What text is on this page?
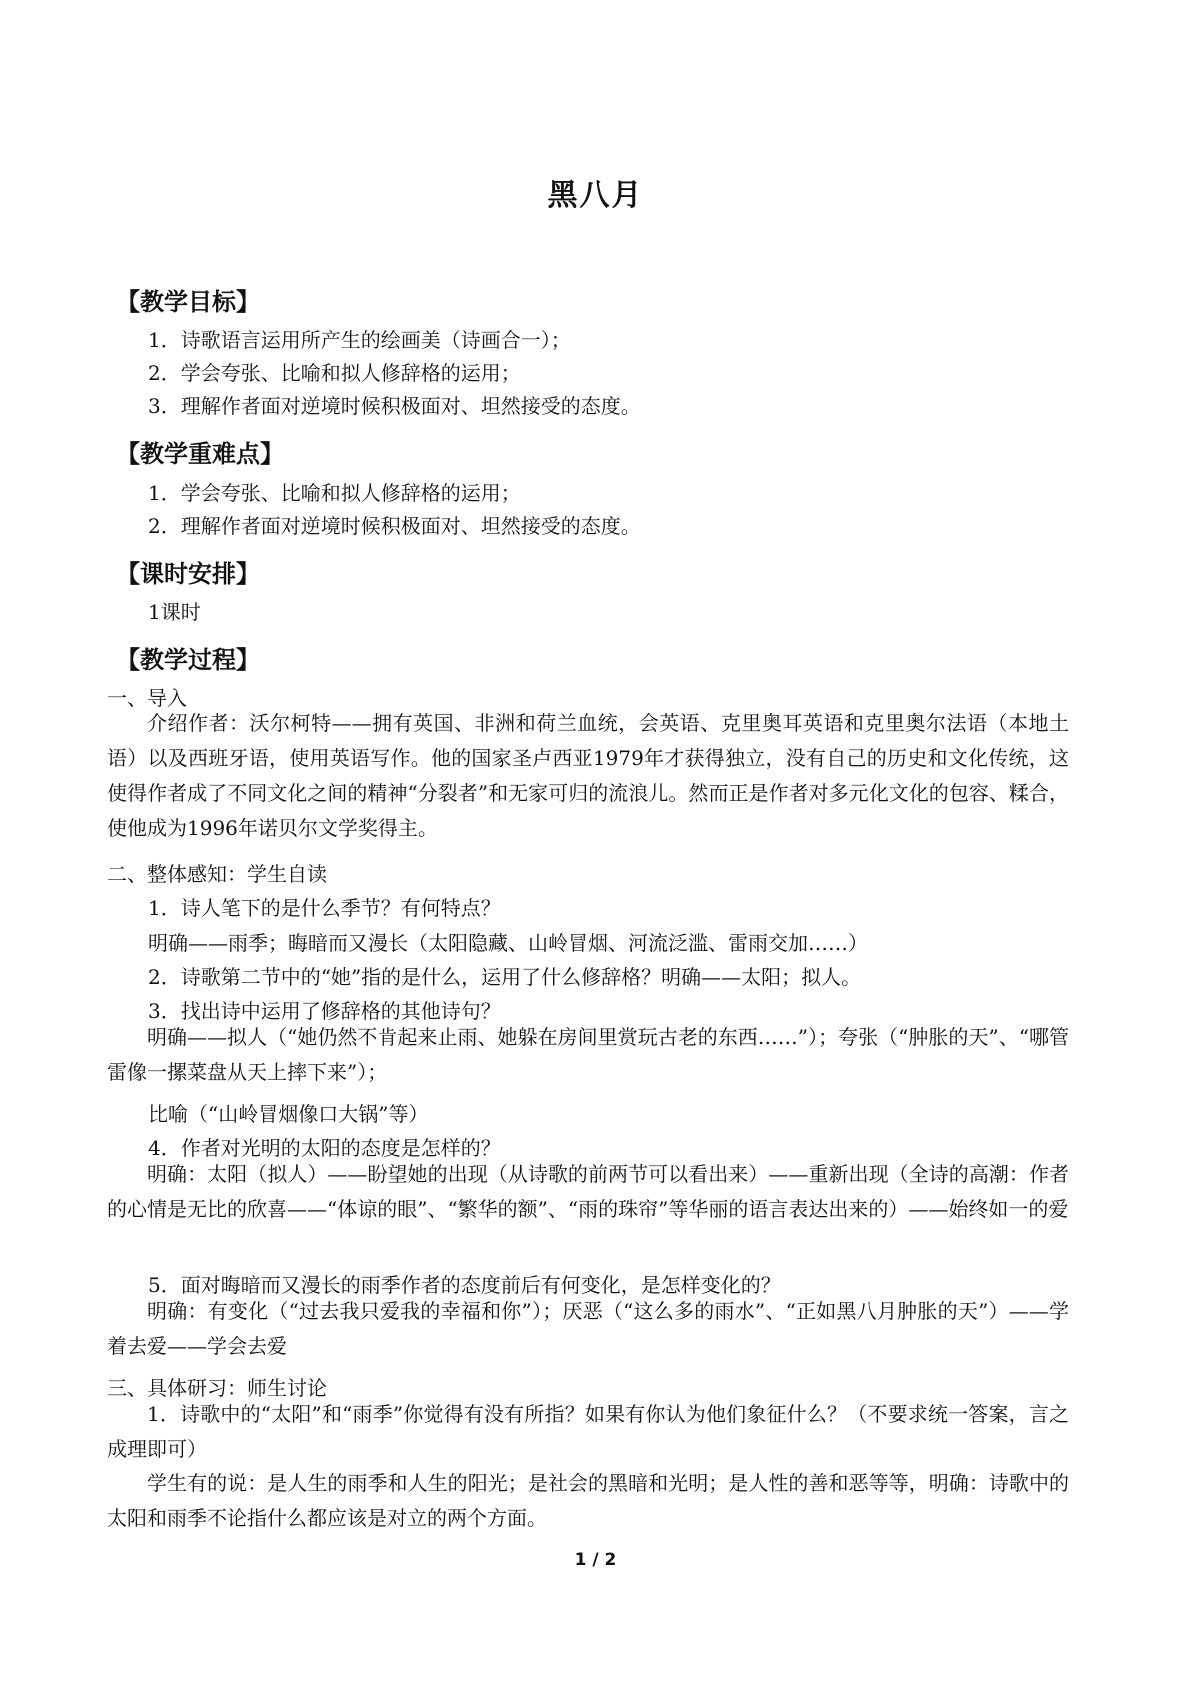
黑八月
【教学目标】
1．诗歌语言运用所产生的绘画美（诗画合一）；
2．学会夸张、比喻和拟人修辞格的运用；
3．理解作者面对逆境时候积极面对、坦然接受的态度。
【教学重难点】
1．学会夸张、比喻和拟人修辞格的运用；
2．理解作者面对逆境时候积极面对、坦然接受的态度。
【课时安排】
1课时
【教学过程】
一、导入
介绍作者：沃尔柯特——拥有英国、非洲和荷兰血统，会英语、克里奥耳英语和克里奥尔法语（本地土语）以及西班牙语，使用英语写作。他的国家圣卢西亚1979年才获得独立，没有自己的历史和文化传统，这使得作者成了不同文化之间的精神“分裂者”和无家可归的流浪儿。然而正是作者对多元化文化的包容、糅合，使他成为1996年诺贝尔文学奖得主。
二、整体感知：学生自读
1．诗人笔下的是什么季节？有何特点？
明确——雨季；晦暗而又漫长（太阳隐藏、山岭冒烟、河流泛滥、雷雨交加……）
2．诗歌第二节中的“她”指的是什么，运用了什么修辞格？明确——太阳；拟人。
3．找出诗中运用了修辞格的其他诗句？
明确——拟人（“她仍然不肯起来止雨、她躲在房间里赏玩古老的东西……”）；夸张（“肿胀的天”、“哪管雷像一摞菜盘从天上摔下来”）；
比喻（“山岭冒烟像口大锅”等）
4．作者对光明的太阳的态度是怎样的？
明确：太阳（拟人）——盼望她的出现（从诗歌的前两节可以看出来）——重新出现（全诗的高潮：作者的心情是无比的欣喜——“体谅的眼”、“繁华的额”、“雨的珠帘”等华丽的语言表达出来的）——始终如一的爱
5．面对晦暗而又漫长的雨季作者的态度前后有何变化，是怎样变化的？
明确：有变化（“过去我只爱我的幸福和你”）；厌恶（“这么多的雨水”、“正如黑八月肿胀的天”）——学着去爱——学会去爱
三、具体研习：师生讨论
1．诗歌中的“太阳”和“雨季”你觉得有没有所指？如果有你认为他们象征什么？（不要求统一答案，言之成理即可）
学生有的说：是人生的雨季和人生的阳光；是社会的黑暗和光明；是人性的善和恶等等，明确：诗歌中的太阳和雨季不论指什么都应该是对立的两个方面。
1 / 2
